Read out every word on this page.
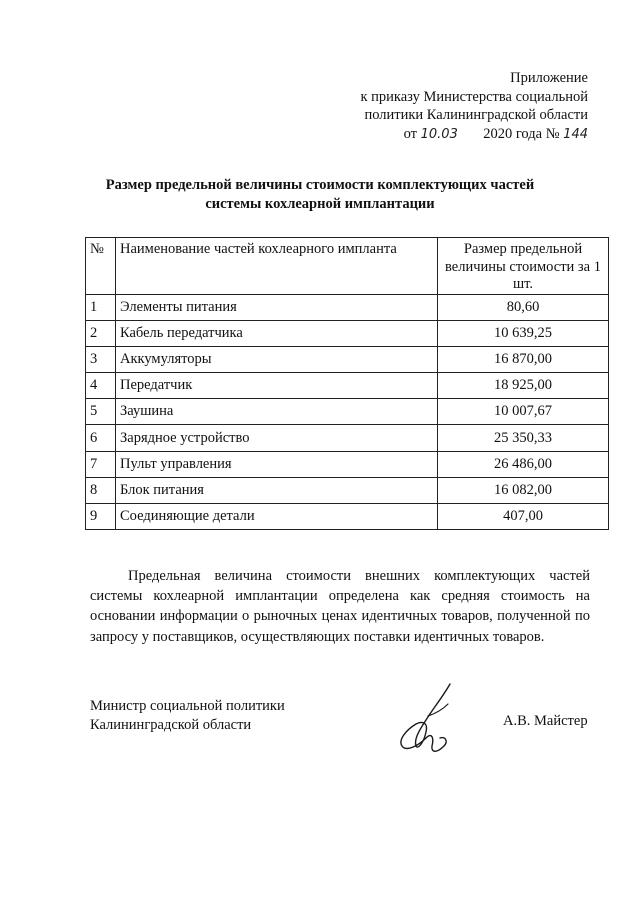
Приложение
к приказу Министерства социальной
политики Калининградской области
от 10.03 2020 года № 144
Размер предельной величины стоимости комплектующих частей
системы кохлеарной имплантации
№	Наименование частей кохлеарного импланта	Размер предельной величины стоимости за 1 шт.
1	Элементы питания	80,60
2	Кабель передатчика	10 639,25
3	Аккумуляторы	16 870,00
4	Передатчик	18 925,00
5	Заушина	10 007,67
6	Зарядное устройство	25 350,33
7	Пульт управления	26 486,00
8	Блок питания	16 082,00
9	Соединяющие детали	407,00
Предельная величина стоимости внешних комплектующих частей системы кохлеарной имплантации определена как средняя стоимость на основании информации о рыночных ценах идентичных товаров, полученной по запросу у поставщиков, осуществляющих поставки идентичных товаров.
Министр социальной политики
Калининградской области	А.В. Майстер
